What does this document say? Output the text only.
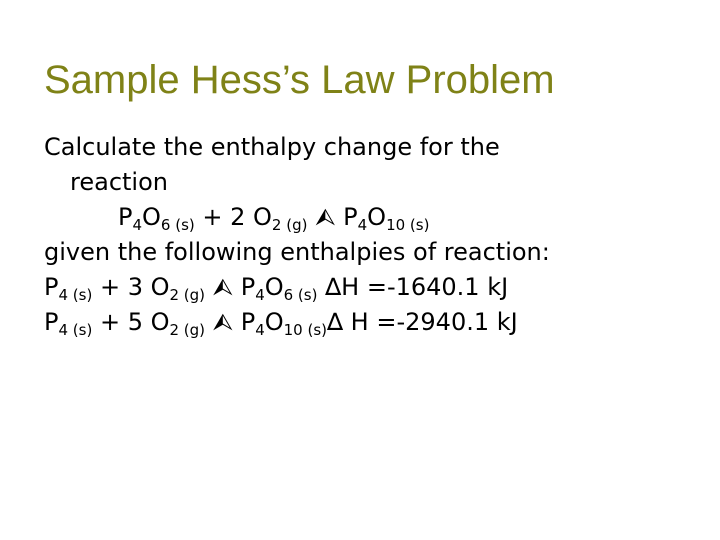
Sample Hess’s Law Problem
Calculate the enthalpy change for the
reaction
$P_4O_{6 (s)} + 2$ $O_{2 (g)}$ ⮙ $P_4O_{10 (s)}$
given the following enthalpies of reaction:
$P_{4 (s)} + 3$ $O_{2 (g)}$ ⮙ $P_4O_{6 (s)}$ ∆H =-1640.1 kJ
$P_{4 (s)} + 5$ $O_{2 (g)}$ ⮙ $P_4O_{10 (s)}\Delta$ H =-2940.1 kJ
